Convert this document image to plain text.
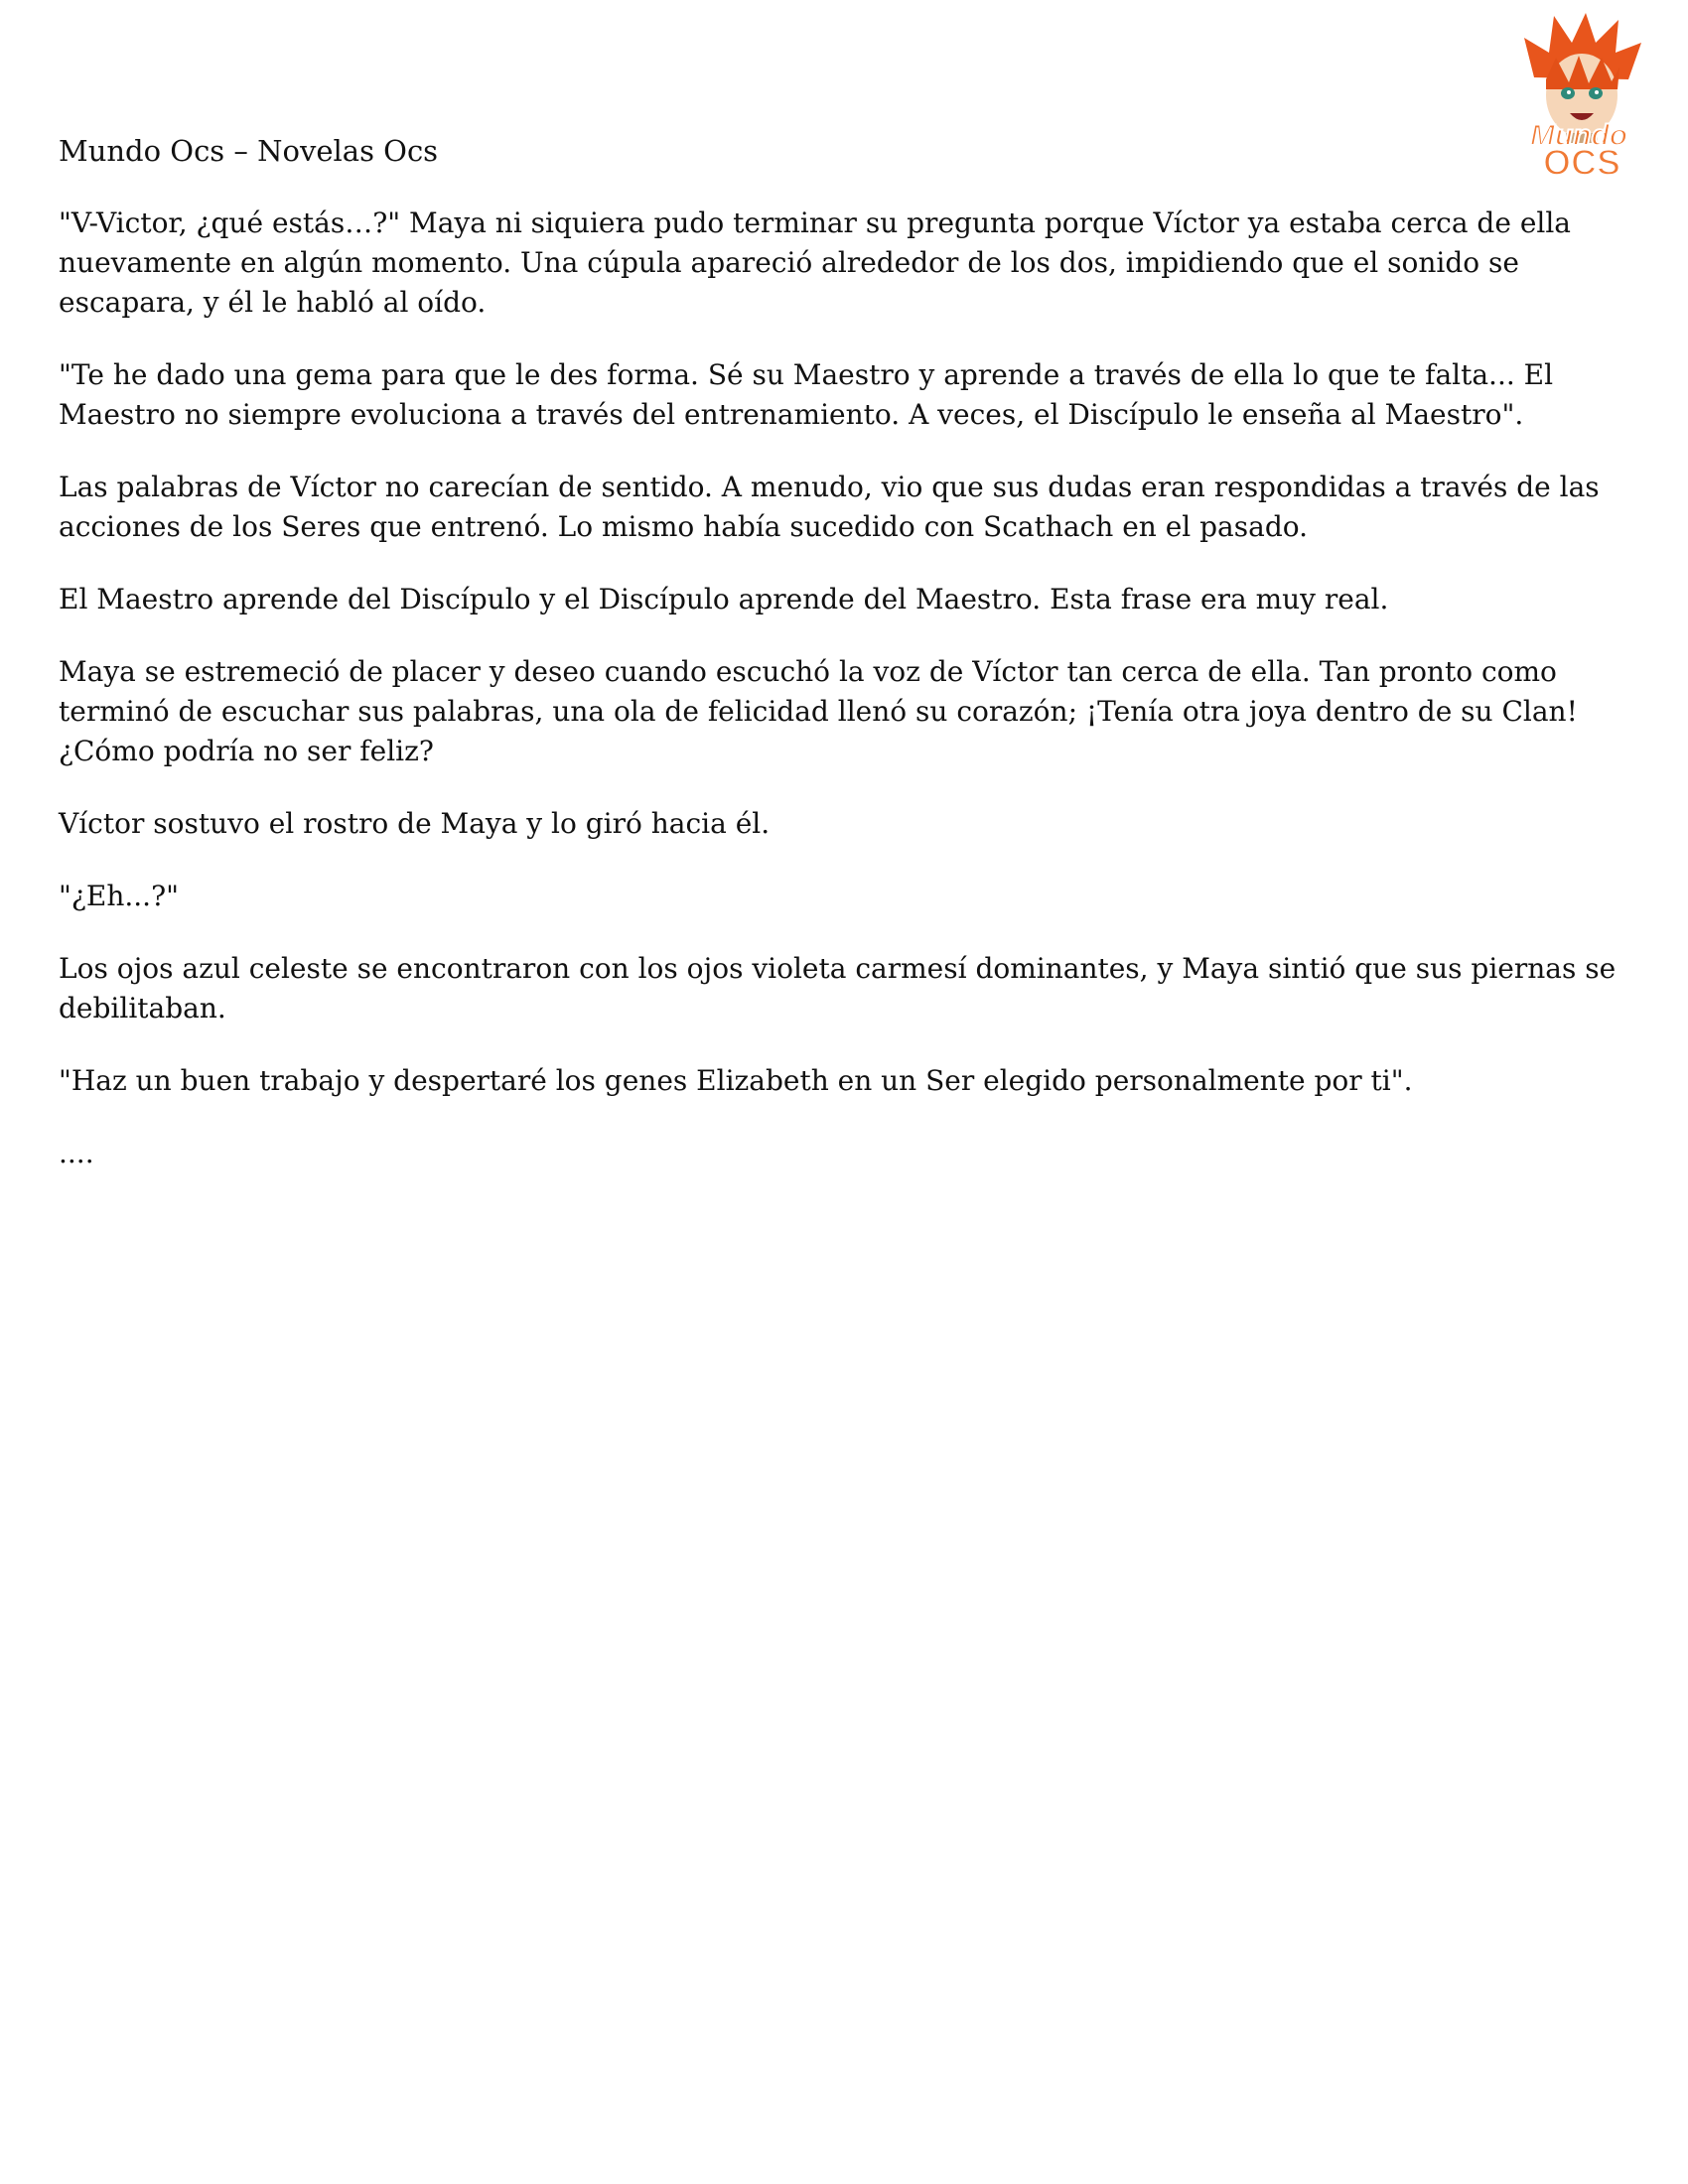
Mundo
OCS
Mundo Ocs – Novelas Ocs

"V-Victor, ¿qué estás…?" Maya ni siquiera pudo terminar su pregunta porque Víctor ya estaba cerca de ella nuevamente en algún momento. Una cúpula apareció alrededor de los dos, impidiendo que el sonido se escapara, y él le habló al oído.

"Te he dado una gema para que le des forma. Sé su Maestro y aprende a través de ella lo que te falta... El Maestro no siempre evoluciona a través del entrenamiento. A veces, el Discípulo le enseña al Maestro".

Las palabras de Víctor no carecían de sentido. A menudo, vio que sus dudas eran respondidas a través de las acciones de los Seres que entrenó. Lo mismo había sucedido con Scathach en el pasado.

El Maestro aprende del Discípulo y el Discípulo aprende del Maestro. Esta frase era muy real.

Maya se estremeció de placer y deseo cuando escuchó la voz de Víctor tan cerca de ella. Tan pronto como terminó de escuchar sus palabras, una ola de felicidad llenó su corazón; ¡Tenía otra joya dentro de su Clan! ¿Cómo podría no ser feliz?

Víctor sostuvo el rostro de Maya y lo giró hacia él.

"¿Eh...?"

Los ojos azul celeste se encontraron con los ojos violeta carmesí dominantes, y Maya sintió que sus piernas se debilitaban.

"Haz un buen trabajo y despertaré los genes Elizabeth en un Ser elegido personalmente por ti".

....
